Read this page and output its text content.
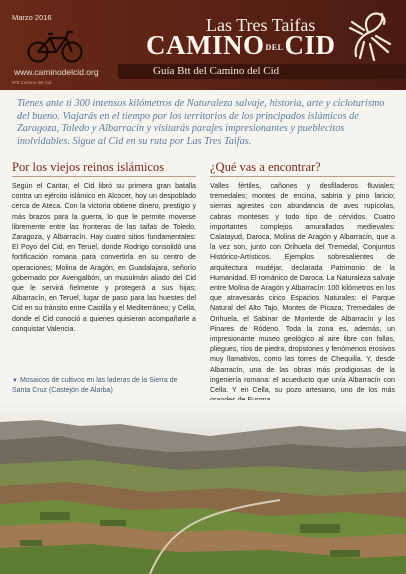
Marzo 2016
www.caminodelcid.org
Las Tres Taifas
CAMINODELCID
Guía Btt del Camino del Cid
Nº8 Camino del Cid

Tienes ante ti 300 intensos kilómetros de Naturaleza salvaje, historia, arte y cicloturismo del bueno. Viajarás en el tiempo por los territorios de los principados islámicos de Zaragoza, Toledo y Albarracín y visitarás parajes impresionantes y pueblecitos inolvidables. Sigue al Cid en su ruta por Las Tres Taifas.

Por los viejos reinos islámicos

Según el Cantar, el Cid libró su primera gran batalla contra un ejército islámico en Alcocer, hoy un despoblado cerca de Ateca. Con la victoria obtiene dinero, prestigio y más brazos para la guerra, lo que le permite moverse libremente entre las fronteras de las taifas de Toledo, Zaragoza, y Albarracín. Hay cuatro sitios fundamentales: El Poyo del Cid, en Teruel, donde Rodrigo consolidó una fortificación romana para convertirla en su centro de operaciones; Molina de Aragón, en Guadalajara, señorío gobernado por Avengalbón, un musulmán aliado del Cid que le servirá fielmente y protegerá a sus hijas; Albarracín, en Teruel, lugar de paso para las huestes del Cid en su tránsito entre Castilla y el Mediterráneo; y Cella, donde el Cid conoció a quienes quisieran acompañarle a conquistar Valencia.

▼ Mosaicos de cultivos en las laderas de la Sierra de Santa Cruz (Castejón de Alarba)
¿Qué vas a encontrar?

Valles fértiles, cañones y desfiladeros fluviales; tremedales; montes de encina, sabina y pino laricio; sierras agrestes con abundancia de aves rupícolas, cabras monteses y todo tipo de cérvidos. Cuatro importantes complejos amurallados medievales: Calatayud, Daroca, Molina de Aragón y Albarracín, que a la vez son, junto con Orihuela del Tremedal, Conjuntos Histórico-Artísticos. Ejemplos sobresalientes de arquitectura mudéjar, declarada Patrimonio de la Humanidad. El románico de Daroca. La Naturaleza salvaje entre Molina de Aragón y Albarracín: 100 kilómetros en los que atravesarás cinco Espacios Naturales: el Parque Natural del Alto Tajo, Montes de Picaza; Tremedales de Orihuela, el Sabinar de Monterde de Albarracín y los Pinares de Ródeno. Toda la zona es, además, un impresionante museo geológico al aire libre con fallas, pliegues, ríos de piedra, dropstones y fenómenos erosivos muy llamativos, como las torres de Chequilla. Y, desde Albarracín, una de las obras más prodigiosas de la ingeniería romana: el acueducto que unía Albarracín con Cella. Y en Cella, su pozo artesiano, uno de los más
